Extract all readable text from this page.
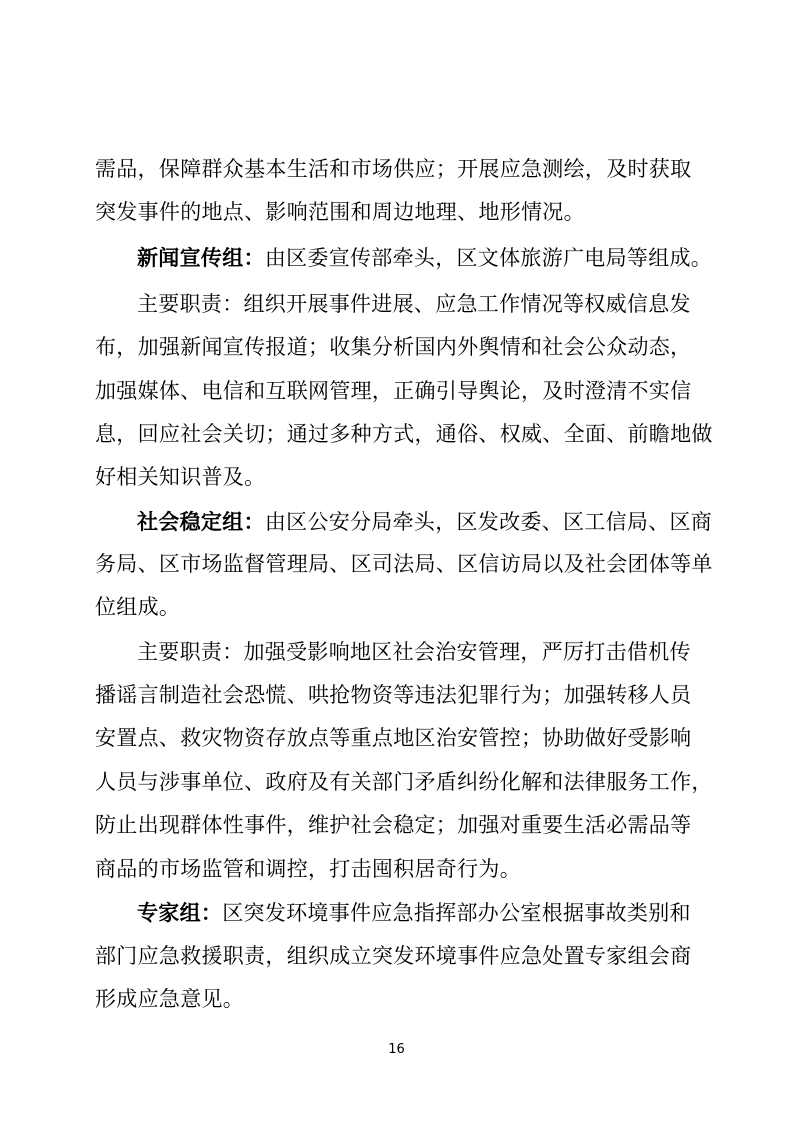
需品，保障群众基本生活和市场供应；开展应急测绘，及时获取
突发事件的地点、影响范围和周边地理、地形情况。
新闻宣传组：由区委宣传部牵头，区文体旅游广电局等组成。
主要职责：组织开展事件进展、应急工作情况等权威信息发
布，加强新闻宣传报道；收集分析国内外舆情和社会公众动态，
加强媒体、电信和互联网管理，正确引导舆论，及时澄清不实信
息，回应社会关切；通过多种方式，通俗、权威、全面、前瞻地做
好相关知识普及。
社会稳定组：由区公安分局牵头，区发改委、区工信局、区商
务局、区市场监督管理局、区司法局、区信访局以及社会团体等单
位组成。
主要职责：加强受影响地区社会治安管理，严厉打击借机传
播谣言制造社会恐慌、哄抢物资等违法犯罪行为；加强转移人员
安置点、救灾物资存放点等重点地区治安管控；协助做好受影响
人员与涉事单位、政府及有关部门矛盾纠纷化解和法律服务工作，
防止出现群体性事件，维护社会稳定；加强对重要生活必需品等
商品的市场监管和调控，打击囤积居奇行为。
专家组：区突发环境事件应急指挥部办公室根据事故类别和
部门应急救援职责，组织成立突发环境事件应急处置专家组会商
形成应急意见。
16
